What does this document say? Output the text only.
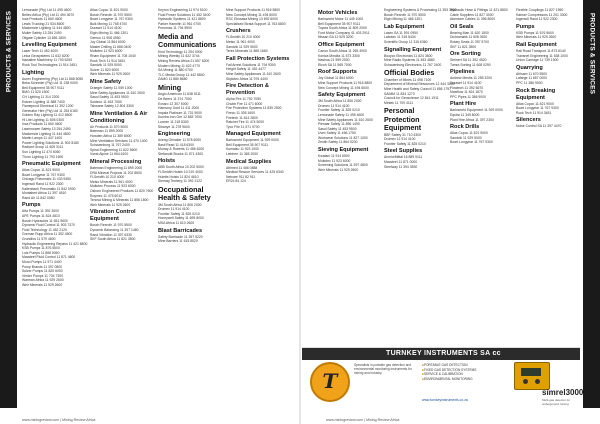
PRODUCTS & SERVICES	PRODUCTS & SERVICES
Lemonade (Pty) Ltd 11 495 4600
Beltec Africa (Pty) Ltd 11 494 3670
Inca Products 11 660 4600
Lewis Trucking 21 534 8600
Mackenzie Lighting 11 444 4800
Muller Safety 13 254 2490
Oilgate Cylinder 13 656 1800
Levelling Equipment
Laser Tech 11 452 4000
Leica Geosystems 11 632 8200
Nawaline Machinery 11 793 5250
Rock Tool Technologies 11 914 3451
Lighting
Aurex Engineering (Pty) Ltd 11 868 5050
Beka Schreder (Pty) Ltd 11 238 0000
Bell Equipment 35 907 9111
BMG 11 620 1500
CH Lighting 11 314 2200
Eskom Lighting 11 888 7400
Flameproof Electrical 11 392 1200
Generator Hire (Pty) Ltd 11 254 6180
Golden Ray Lighting 11 412 6500
Hi Lite Lighting 11 805 0300
Inca Products 11 660 4600
Lawnmower Safety 13 254 2490
Mackenzie Lighting 11 444 4800
Martin Lamps 11 447 1400
Power Lighting Solutions 11 902 8180
Radiant Group 11 609 3111
Sun Lighting 11 474 6060
Thorn Lighting 11 793 1690
Pneumatic Equipment
Atlas Copco 11 821 9000
Boart Longyear 11 767 9300
Chicago Pneumatic 11 433 9450
Ingersoll Rand 11 922 2300
Kaltenbach Pneumatic 11 842 0930
Montabert Africa 11 397 4510
Rand Air 11 842 0080
Pumps
Alfa Pumps 11 392 3000
APE Pumps 11 824 4810
Bosch Hydraulics 11 651 9600
Dynamic Fluid Control 11 903 7370
Fluid Technology 11 452 2120
Gorman Rupp Africa 11 392 4500
Grundfos 11 579 4800
Hydraulic Engineering Repairs 11 421 8800
KSB Pumps 11 876 5600
Lutz Pumps 11 868 5060
Macsteel Fluid Control 11 871 4600
Mono Pumps 11 971 4400
Pump Brands 11 397 0800
Sulzer Pumps 11 820 6000
Verder Pumps 11 704 7300
Warman Africa 11 929 2600
Weir Minerals 11 929 2600
Atlas Copco 11 821 9000
Bosch Rexroth 11 970 5500
Boart Longyear 11 767 9300
Bulk Mining 11 765 4700
Duraset 11 914 4100
Elgin Mining 11 466 1301
Gemco 11 908 4950
Joy Global 11 864 6000
Master Drilling 11 666 0400
Multotec 11 923 6000
Rham Equipment 11 708 1040
Rock Tech 11 914 3451
Sandvik 11 929 5000
Sulzer 11 820 6000
Weir Minerals 11 929 2600
Mine Safety
Draeger Safety 11 059 1000
Mine Safety Appliances 11 610 2600
Sasol Safety 11 453 9500
Soldeco 11 463 7060
Tshwane Safety 12 804 3300
Mine Ventilation & Air Conditioning
Air Products 11 570 5000
Bateman 11 899 2000
Howden Africa 11 389 8000
Mine Ventilation Services 11 470 1400
Schauenburg 11 767 2400
Spiral Engineering 11 622 5600
Voest Alpine 11 664 6100
Mineral Processing
Bateman Engineering 11 899 2000
DRA Mineral Projects 11 202 8600
FLSmidth 10 210 4000
Metso Minerals 11 961 4000
Multotec Process 11 923 6000
Osborn Engineered Products 11 820 7600
Roymec 11 475 6012
Tenova Mining & Minerals 11 856 1800
Weir Minerals 11 929 2600
Vibration Control Equipment
Bosch Rexroth 11 970 5500
Dynamic Balancing 11 397 1460
Rand Vibration 11 397 6330
SKF South Africa 11 821 3500
Keyron Engineering 11 974 5100
Fluid Power Solutions 11 452 3400
Hydraulic Systems 11 421 8800
Parker Hannifin 11 961 0700
Pneumax 11 794 5900
Media and Communications
Kind Technology 11 254 0000
Mining Weekly 11 622 3744
Mining Review Africa 21 657 6200
Modern Mining 11 622 4770
SA Mining 11 880 0700
TLC Media Group 11 442 8840
ZAMG 11 880 8680
Mining
Anglo American 11 638 9111
De Beers 11 374 7000
Exxaro 12 307 5000
Harmony Gold 11 411 2000
Impala Platinum 11 731 9000
Kumba Iron Ore 12 683 7000
Lonmin 11 218 8300
Sibanye 11 278 9600
Engineering
Aveng Grinaker 11 578 6000
Basil Read 11 418 6300
Murray & Roberts 11 456 6200
Stefanutti Stocks 11 571 4300
Hoists
ABB South Africa 10 202 5000
FLSmidth Hoists 10 210 4000
Huletts Hoists 11 824 4610
Siemag Tecberg 11 392 2122
Occupational Health & Safety
3M South Africa 11 806 2000
Dromex 11 914 4100
Frontier Safety 11 825 0210
Honeywell Safety 11 695 8000
MSA Africa 11 610 2600
Blast Barricades
Safety Barricade 11 397 5220
Mine Barriers 11 615 8520
Mine Support Products 11 916 5800
New Concept Mining 11 494 6000
RSC Ekusasa Mining 13 692 6000
Specialised Strata Support 11 763 6800
Crushers
FLSmidth 10 210 4000
Metso 11 961 4000
Sandvik 11 929 5000
Terex Minerals 11 865 1660
Fall Protection Systems
Fall Arrest Solutions 11 794 9300
Height Safety 11 452 4477
Mine Safety Appliances 11 610 2600
Skylotec Africa 11 976 4400
Fire Detection & Prevention
Alpha Fire 11 792 7050
Chubb Fire 11 471 6000
Fire Protection Systems 11 839 2500
Fireco 11 305 1600
Firetech 11 814 2800
Ratchet Fire 11 474 5000
Tyco Fire 11 571 9700
Managed Equipment
Barloworld Equipment 11 929 0000
Bell Equipment 35 907 9111
Komatsu 11 923 1000
Liebherr 11 365 2000
Medical Supplies
Afrimed 11 466 0888
Medical Rescue Services 11 425 6340
Netcare 911 82 911
ER24 84 124
Motor Vehicles
Barloworld Motor 11 445 1000
Bell Equipment 35 907 9111
Toyota South Africa 11 809 2000
Ford Motor Company 41 403 2911
Nissan SA 12 529 3200
Office Equipment
Canon South Africa 11 265 4900
Konica Minolta 11 573 3300
Nashua 21 959 2000
Ricoh SA 11 565 7000
Roof Supports
Joy Global 11 864 6000
Mine Support Products 11 916 5800
New Concept Mining 11 494 6000
Safety Equipment
3M South Africa 11 806 2000
Dromex 11 914 4100
Frontier Safety 11 825 0210
Lemonade Safety 11 495 4600
Mine Safety Appliances 11 610 2600
Pienaar Safety 11 896 1490
Sasol Safety 11 453 9500
Uvex Safety 11 466 1750
Workwear Solutions 11 827 1000
Zenith Safety 11 864 5200
Sieving Equipment
Kwatani 11 914 6500
Multotec 11 923 6000
Screening Solutions 11 397 4800
Weir Minerals 11 929 2600
Engineering Systems & Processing 11 393 3800
Bosch Rexroth 11 970 5500
Elgin Mining 11 466 1301
Lab Equipment
Lasec SA 11 591 0950
Labotec 11 315 5434
Scientific Group 11 315 6360
Signalling Equipment
Booyco Electronics 11 824 3600
Mine Radio Systems 11 453 4880
Schauenburg Electronics 11 767 2400
Official Bodies
Chamber of Mines 11 498 7100
Department of Mineral Resources 12 444 3000
Mine Health and Safety Council 11 656 1797
SAIMM 11 834 1273
Council for Geoscience 12 841 1911
Mintek 11 709 4111
Personal Protection Equipment
BBF Safety 31 710 4300
Dromex 11 914 4100
Frontier Safety 11 825 0210
Steel Supplies
ArcelorMittal 16 889 9111
Macsteel 11 871 0000
Steelway 11 394 3530
Hydraulic Hose & Fittings 11 421 8800
Cable Suppliers 11 827 3000
Aberdare Cables 11 396 8000
Oil Seals
Bearing Man 11 620 1500
Dichtomatik 11 608 0520
Rotary Seals 11 397 5700
SKF 11 821 3500
Ore Sorting
Steinert SA 11 392 4520
Tomra Sorting 11 608 0290
Pipelines
Andrew Mentis 11 255 3200
Duraset 11 914 4100
Flowtech 11 392 6670
Maxiflow 11 824 1870
PPC Pipes 11 386 9000
Plant Hire
Barloworld Equipment 11 929 0000
Eqstra 11 345 8000
Plant Hire Africa 11 397 2300
Rock Drills
Atlas Copco 11 821 9000
Sandvik 11 929 5000
Boart Longyear 11 767 9300
Flexible Couplings 11 827 1950
Kaeser Compressors 11 201 3300
Ingersoll Rand 11 922 2300
Pumps
KSB Pumps 11 876 5600
Weir Minerals 11 929 2600
Rail Equipment
Rail Road Transport 11 873 6140
Transnet Engineering 11 638 1000
Union Carriage 11 739 1500
Quarrying
Afrisam 11 670 5500
Lafarge 11 657 0000
PPC 11 386 9000
Rock Breaking Equipment
Atlas Copco 11 821 9000
Boart Longyear 11 767 9300
Rock Tech 11 914 3451
Silencers
Noise Control SA 11 397 4470
TURNKEY INSTRUMENTS SA cc
T
Specialists in portable gas detection and environmental monitoring instruments for mining and industry.
■ PORTABLE GAS DETECTION
■ FIXED GAS DETECTION SYSTEMS
■ SERVICE & CALIBRATION
■ ENVIRONMENTAL MONITORING
www.turnkeyinstruments.co.za
simrel3000
Multi-gas detector for underground mining
www.miningreview.com | Mining Review Africa	www.miningreview.com | Mining Review Africa
